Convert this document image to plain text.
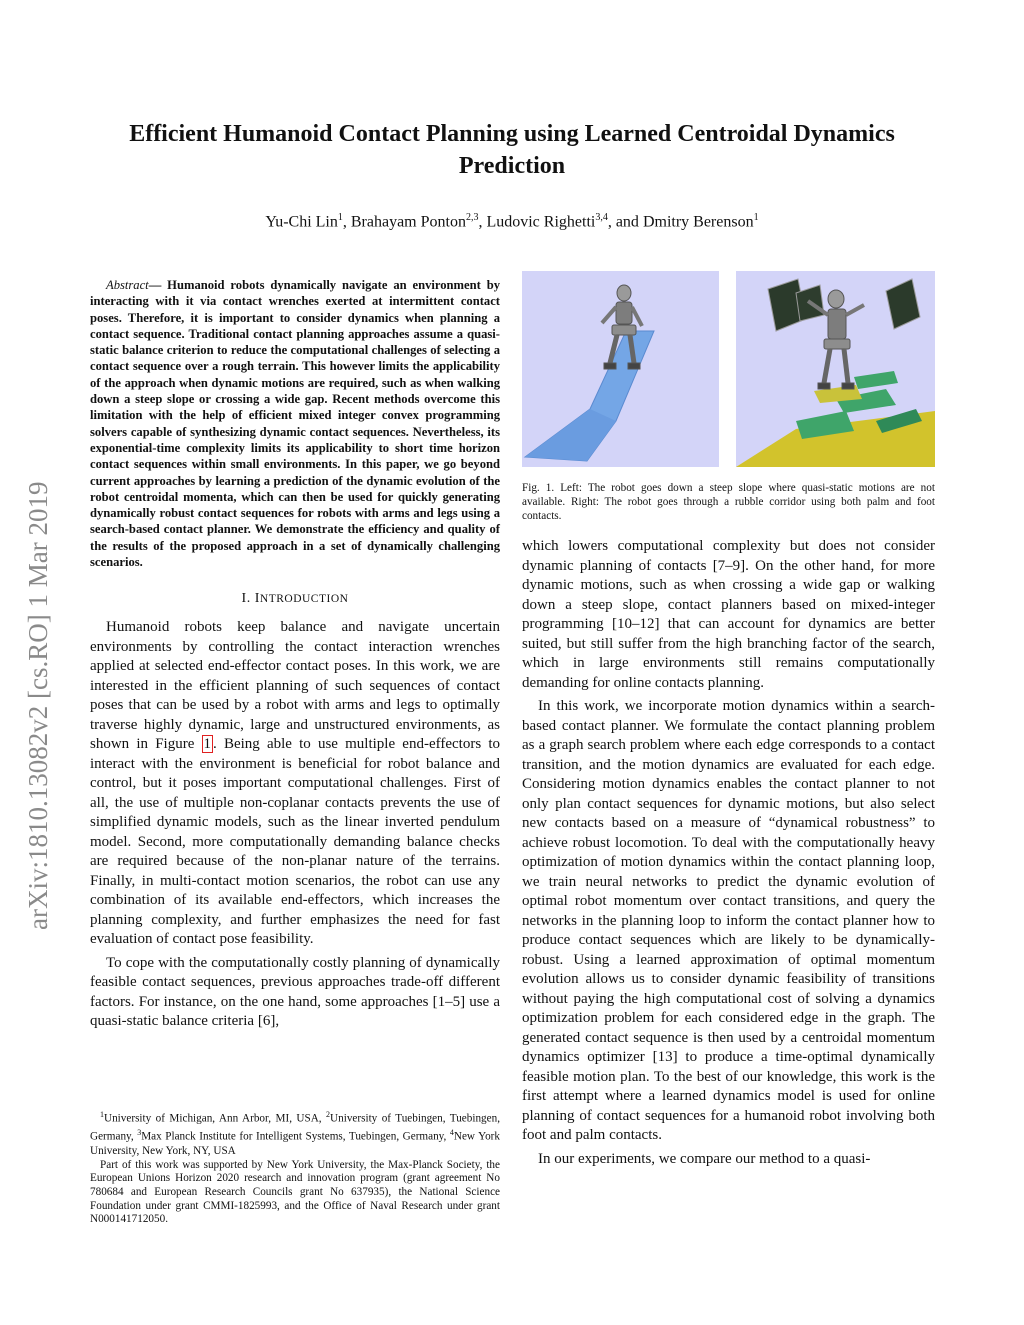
Efficient Humanoid Contact Planning using Learned Centroidal Dynamics Prediction
Yu-Chi Lin$^1$, Brahayam Ponton$^{2,3}$, Ludovic Righetti$^{3,4}$, and Dmitry Berenson$^1$
arXiv:1810.13082v2 [cs.RO] 1 Mar 2019

Abstract— Humanoid robots dynamically navigate an environment by interacting with it via contact wrenches exerted at intermittent contact poses. Therefore, it is important to consider dynamics when planning a contact sequence. Traditional contact planning approaches assume a quasi-static balance criterion to reduce the computational challenges of selecting a contact sequence over a rough terrain. This however limits the applicability of the approach when dynamic motions are required, such as when walking down a steep slope or crossing a wide gap. Recent methods overcome this limitation with the help of efficient mixed integer convex programming solvers capable of synthesizing dynamic contact sequences. Nevertheless, its exponential-time complexity limits its applicability to short time horizon contact sequences within small environments. In this paper, we go beyond current approaches by learning a prediction of the dynamic evolution of the robot centroidal momenta, which can then be used for quickly generating dynamically robust contact sequences for robots with arms and legs using a search-based contact planner. We demonstrate the efficiency and quality of the results of the proposed approach in a set of dynamically challenging scenarios.

I. INTRODUCTION

Humanoid robots keep balance and navigate uncertain environments by controlling the contact interaction wrenches applied at selected end-effector contact poses. In this work, we are interested in the efficient planning of such sequences of contact poses that can be used by a robot with arms and legs to optimally traverse highly dynamic, large and unstructured environments, as shown in Figure 1 . Being able to use multiple end-effectors to interact with the environment is beneficial for robot balance and control, but it poses important computational challenges. First of all, the use of multiple non-coplanar contacts prevents the use of simplified dynamic models, such as the linear inverted pendulum model. Second, more computationally demanding balance checks are required because of the non-planar nature of the terrains. Finally, in multi-contact motion scenarios, the robot can use any combination of its available end-effectors, which increases the planning complexity, and further emphasizes the need for fast evaluation of contact pose feasibility.

To cope with the computationally costly planning of dynamically feasible contact sequences, previous approaches trade-off different factors. For instance, on the one hand, some approaches [1–5] use a quasi-static balance criteria [6],

$^1$University of Michigan, Ann Arbor, MI, USA, $^2$University of Tuebingen, Tuebingen, Germany, $^3$Max Planck Institute for Intelligent Systems, Tuebingen, Germany, $^4$New York University, New York, NY, USA

Part of this work was supported by New York University, the Max-Planck Society, the European Unions Horizon 2020 research and innovation program (grant agreement No 780684 and European Research Councils grant No 637935), the National Science Foundation under grant CMMI-1825993, and the Office of Naval Research under grant N000141712050.

Fig. 1. Left: The robot goes down a steep slope where quasi-static motions are not available. Right: The robot goes through a rubble corridor using both palm and foot contacts.

which lowers computational complexity but does not consider dynamic planning of contacts [7–9]. On the other hand, for more dynamic motions, such as when crossing a wide gap or walking down a steep slope, contact planners based on mixed-integer programming [10–12] that can account for dynamics are better suited, but still suffer from the high branching factor of the search, which in large environments still remains computationally demanding for online contacts planning.

In this work, we incorporate motion dynamics within a search-based contact planner. We formulate the contact planning problem as a graph search problem where each edge corresponds to a contact transition, and the motion dynamics are evaluated for each edge. Considering motion dynamics enables the contact planner to not only plan contact sequences for dynamic motions, but also select new contacts based on a measure of “dynamical robustness” to achieve robust locomotion. To deal with the computationally heavy optimization of motion dynamics within the contact planning loop, we train neural networks to predict the dynamic evolution of optimal robot momentum over contact transitions, and query the networks in the planning loop to inform the contact planner how to produce contact sequences which are likely to be dynamically-robust. Using a learned approximation of optimal momentum evolution allows us to consider dynamic feasibility of transitions without paying the high computational cost of solving a dynamics optimization problem for each considered edge in the graph. The generated contact sequence is then used by a centroidal momentum dynamics optimizer [13] to produce a time-optimal dynamically feasible motion plan. To the best of our knowledge, this work is the first attempt where a learned dynamics model is used for online planning of contact sequences for a humanoid robot involving both foot and palm contacts.

In our experiments, we compare our method to a quasi-
